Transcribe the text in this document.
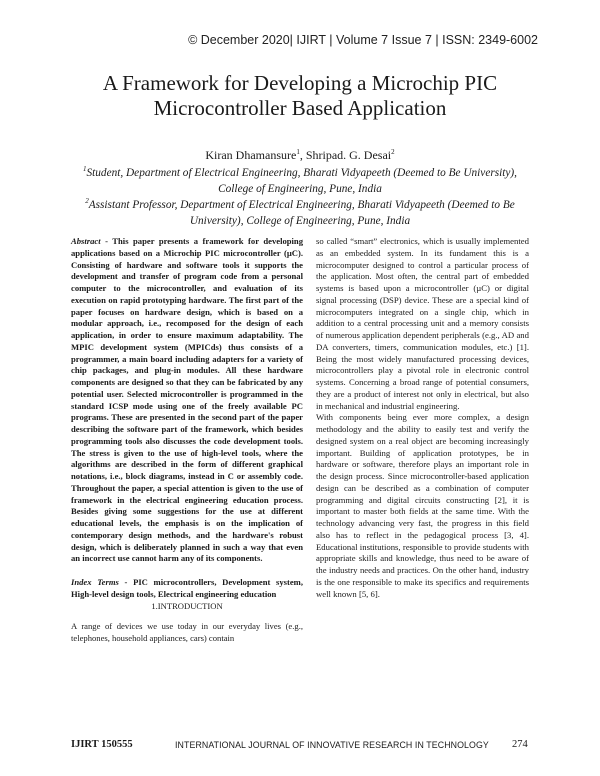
© December 2020| IJIRT | Volume 7 Issue 7 | ISSN: 2349-6002
A Framework for Developing a Microchip PIC
Microcontroller Based Application
Kiran Dhamansure$^1$, Shripad. G. Desai$^2$
$^1$Student, Department of Electrical Engineering, Bharati Vidyapeeth (Deemed to Be University), College of Engineering, Pune, India
$^2$Assistant Professor, Department of Electrical Engineering, Bharati Vidyapeeth (Deemed to Be University), College of Engineering, Pune, India

Abstract - This paper presents a framework for developing applications based on a Microchip PIC microcontroller (µC). Consisting of hardware and software tools it supports the development and transfer of program code from a personal computer to the microcontroller, and evaluation of its execution on rapid prototyping hardware. The first part of the paper focuses on hardware design, which is based on a modular approach, i.e., recomposed for the design of each application, in order to ensure maximum adaptability. The MPIC development system (MPICds) thus consists of a programmer, a main board including adapters for a variety of chip packages, and plug-in modules. All these hardware components are designed so that they can be fabricated by any potential user. Selected microcontroller is programmed in the standard ICSP mode using one of the freely available PC programs. These are presented in the second part of the paper describing the software part of the framework, which besides programming tools also discusses the code development tools. The stress is given to the use of high-level tools, where the algorithms are described in the form of different graphical notations, i.e., block diagrams, instead in C or assembly code. Throughout the paper, a special attention is given to the use of framework in the electrical engineering education process. Besides giving some suggestions for the use at different educational levels, the emphasis is on the implication of contemporary design methods, and the hardware's robust design, which is deliberately planned in such a way that even an incorrect use cannot harm any of its components.

Index Terms - PIC microcontrollers, Development system, High-level design tools, Electrical engineering education

1.INTRODUCTION

A range of devices we use today in our everyday lives (e.g., telephones, household appliances, cars) contain

so called “smart” electronics, which is usually implemented as an embedded system. In its fundament this is a microcomputer designed to control a particular process of the application. Most often, the central part of embedded systems is based upon a microcontroller (µC) or digital signal processing (DSP) device. These are a special kind of microcomputers integrated on a single chip, which in addition to a central processing unit and a memory consists of numerous application dependent peripherals (e.g., AD and DA converters, timers, communication modules, etc.) [1]. Being the most widely manufactured processing devices, microcontrollers play a pivotal role in electronic control systems. Concerning a broad range of potential consumers, they are a product of interest not only in electrical, but also in mechanical and industrial engineering.

With components being ever more complex, a design methodology and the ability to easily test and verify the designed system on a real object are becoming increasingly important. Building of application prototypes, be in hardware or software, therefore plays an important role in the design process. Since microcontroller-based application design can be described as a combination of computer programming and digital circuits constructing [2], it is important to master both fields at the same time. With the technology advancing very fast, the progress in this field also has to reflect in the pedagogical process [3, 4]. Educational institutions, responsible to provide students with appropriate skills and knowledge, thus need to be aware of the industry needs and practices. On the other hand, industry is the one responsible to make its specifics and requirements well known [5, 6].

IJIRT 150555	INTERNATIONAL JOURNAL OF INNOVATIVE RESEARCH IN TECHNOLOGY 274
